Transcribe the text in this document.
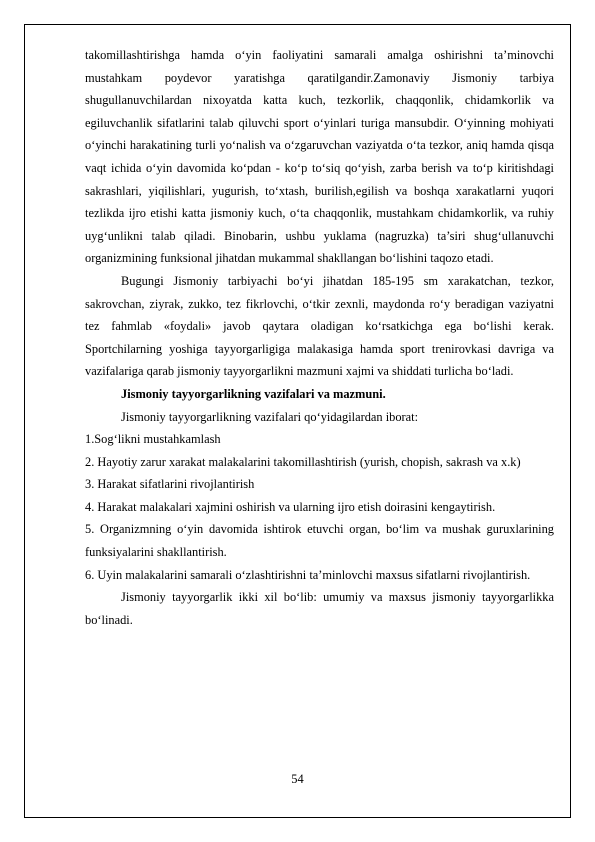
takomillashtirishga hamda o‘yin faoliyatini samarali amalga oshirishni ta’minovchi mustahkam poydevor yaratishga qaratilgandir.Zamonaviy Jismoniy tarbiya shugullanuvchilardan nixoyatda katta kuch, tezkorlik, chaqqonlik, chidamkorlik va egiluvchanlik sifatlarini talab qiluvchi sport o‘yinlari turiga mansubdir. O‘yinning mohiyati o‘yinchi harakatining turli yo‘nalish va o‘zgaruvchan vaziyatda o‘ta tezkor, aniq hamda qisqa vaqt ichida o‘yin davomida ko‘pdan - ko‘p to‘siq qo‘yish, zarba berish va to‘p kiritishdagi sakrashlari, yiqilishlari, yugurish, to‘xtash, burilish,egilish va boshqa xarakatlarni yuqori tezlikda ijro etishi katta jismoniy kuch, o‘ta chaqqonlik, mustahkam chidamkorlik, va ruhiy uyg‘unlikni talab qiladi. Binobarin, ushbu yuklama (nagruzka) ta’siri shug‘ullanuvchi organizmining funksional jihatdan mukammal shakllangan bo‘lishini taqozo etadi.

Bugungi Jismoniy tarbiyachi bo‘yi jihatdan 185-195 sm xarakatchan, tezkor, sakrovchan, ziyrak, zukko, tez fikrlovchi, o‘tkir zexnli, maydonda ro‘y beradigan vaziyatni tez fahmlab «foydali» javob qaytara oladigan ko‘rsatkichga ega bo‘lishi kerak. Sportchilarning yoshiga tayyorgarligiga malakasiga hamda sport trenirovkasi davriga va vazifalariga qarab jismoniy tayyorgarlikni mazmuni xajmi va shiddati turlicha bo‘ladi.

Jismoniy tayyorgarlikning vazifalari va mazmuni.

Jismoniy tayyorgarlikning vazifalari qo‘yidagilardan iborat:

1.Sog‘likni mustahkamlash

2. Hayotiy zarur xarakat malakalarini takomillashtirish (yurish, chopish, sakrash va x.k)

3. Harakat sifatlarini rivojlantirish

4. Harakat malakalari xajmini oshirish va ularning ijro etish doirasini kengaytirish.

5. Organizmning o‘yin davomida ishtirok etuvchi organ, bo‘lim va mushak guruxlarining funksiyalarini shakllantirish.

6. Uyin malakalarini samarali o‘zlashtirishni ta’minlovchi maxsus sifatlarni rivojlantirish.

Jismoniy tayyorgarlik ikki xil bo‘lib: umumiy va maxsus jismoniy tayyorgarlikka bo‘linadi.

54
